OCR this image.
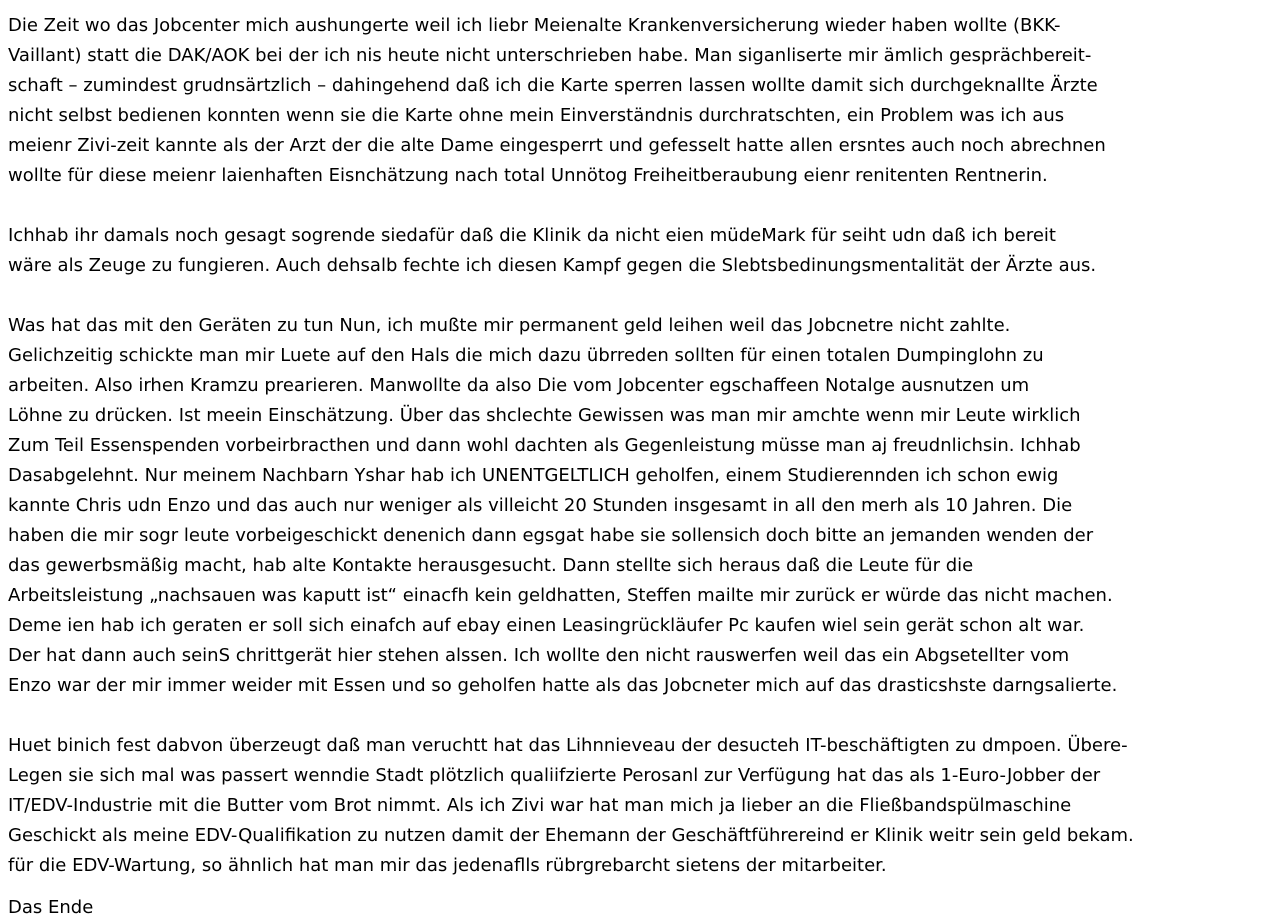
Die Zeit wo das Jobcenter mich aushungerte weil ich liebr Meienalte Krankenversicherung wieder haben wollte (BKK-
Vaillant) statt die DAK/AOK bei der ich nis heute nicht unterschrieben habe. Man siganliserte mir ämlich gesprächbereit-
schaft – zumindest grudnsärtzlich – dahingehend daß ich die Karte sperren lassen wollte damit sich durchgeknallte Ärzte
nicht selbst bedienen konnten wenn sie die Karte ohne mein Einverständnis durchratschten, ein Problem was ich aus
meienr Zivi-zeit kannte als der Arzt der die alte Dame eingesperrt und gefesselt hatte allen ersntes auch noch abrechnen
wollte für diese meienr laienhaften Eisnchätzung nach total Unnötog Freiheitberaubung eienr renitenten Rentnerin.

Ichhab ihr damals noch gesagt sogrende siedafür daß die Klinik da nicht eien müdeMark für seiht udn daß ich bereit
wäre als Zeuge zu fungieren. Auch dehsalb fechte ich diesen Kampf gegen die Slebtsbedinungsmentalität der Ärzte aus.

Was hat das mit den Geräten zu tun Nun, ich mußte mir permanent geld leihen weil das Jobcnetre nicht zahlte.
Gelichzeitig schickte man mir Luete auf den Hals die mich dazu übrreden sollten für einen totalen Dumpinglohn zu
arbeiten. Also irhen Kramzu prearieren. Manwollte da also Die vom Jobcenter egschaffeen Notalge ausnutzen um
Löhne zu drücken. Ist meein Einschätzung. Über das shclechte Gewissen was man mir amchte wenn mir Leute wirklich
Zum Teil Essenspenden vorbeirbracthen und dann wohl dachten als Gegenleistung müsse man aj freudnlichsin. Ichhab
Dasabgelehnt. Nur meinem Nachbarn Yshar hab ich UNENTGELTLICH geholfen, einem Studierennden ich schon ewig
kannte Chris udn Enzo und das auch nur weniger als villeicht 20 Stunden insgesamt in all den merh als 10 Jahren. Die
haben die mir sogr leute vorbeigeschickt denenich dann egsgat habe sie sollensich doch bitte an jemanden wenden der
das gewerbsmäßig macht, hab alte Kontakte herausgesucht. Dann stellte sich heraus daß die Leute für die
Arbeitsleistung „nachsauen was kaputt ist“ einacfh kein geldhatten, Steffen mailte mir zurück er würde das nicht machen.
Deme ien hab ich geraten er soll sich einafch auf ebay einen Leasingrückläufer Pc kaufen wiel sein gerät schon alt war.
Der hat dann auch seinS chrittgerät hier stehen alssen. Ich wollte den nicht rauswerfen weil das ein Abgsetellter vom
Enzo war der mir immer weider mit Essen und so geholfen hatte als das Jobcneter mich auf das drasticshste darngsalierte.

Huet binich fest dabvon überzeugt daß man veruchtt hat das Lihnnieveau der desucteh IT-beschäftigten zu dmpoen. Übere-
Legen sie sich mal was passert wenndie Stadt plötzlich qualiifzierte Perosanl zur Verfügung hat das als 1-Euro-Jobber der
IT/EDV-Industrie mit die Butter vom Brot nimmt. Als ich Zivi war hat man mich ja lieber an die Fließbandspülmaschine
Geschickt als meine EDV-Qualifikation zu nutzen damit der Ehemann der Geschäftführereind er Klinik weitr sein geld bekam.
für die EDV-Wartung, so ähnlich hat man mir das jedenaflls rübrgrebarcht sietens der mitarbeiter.

Das Ende
